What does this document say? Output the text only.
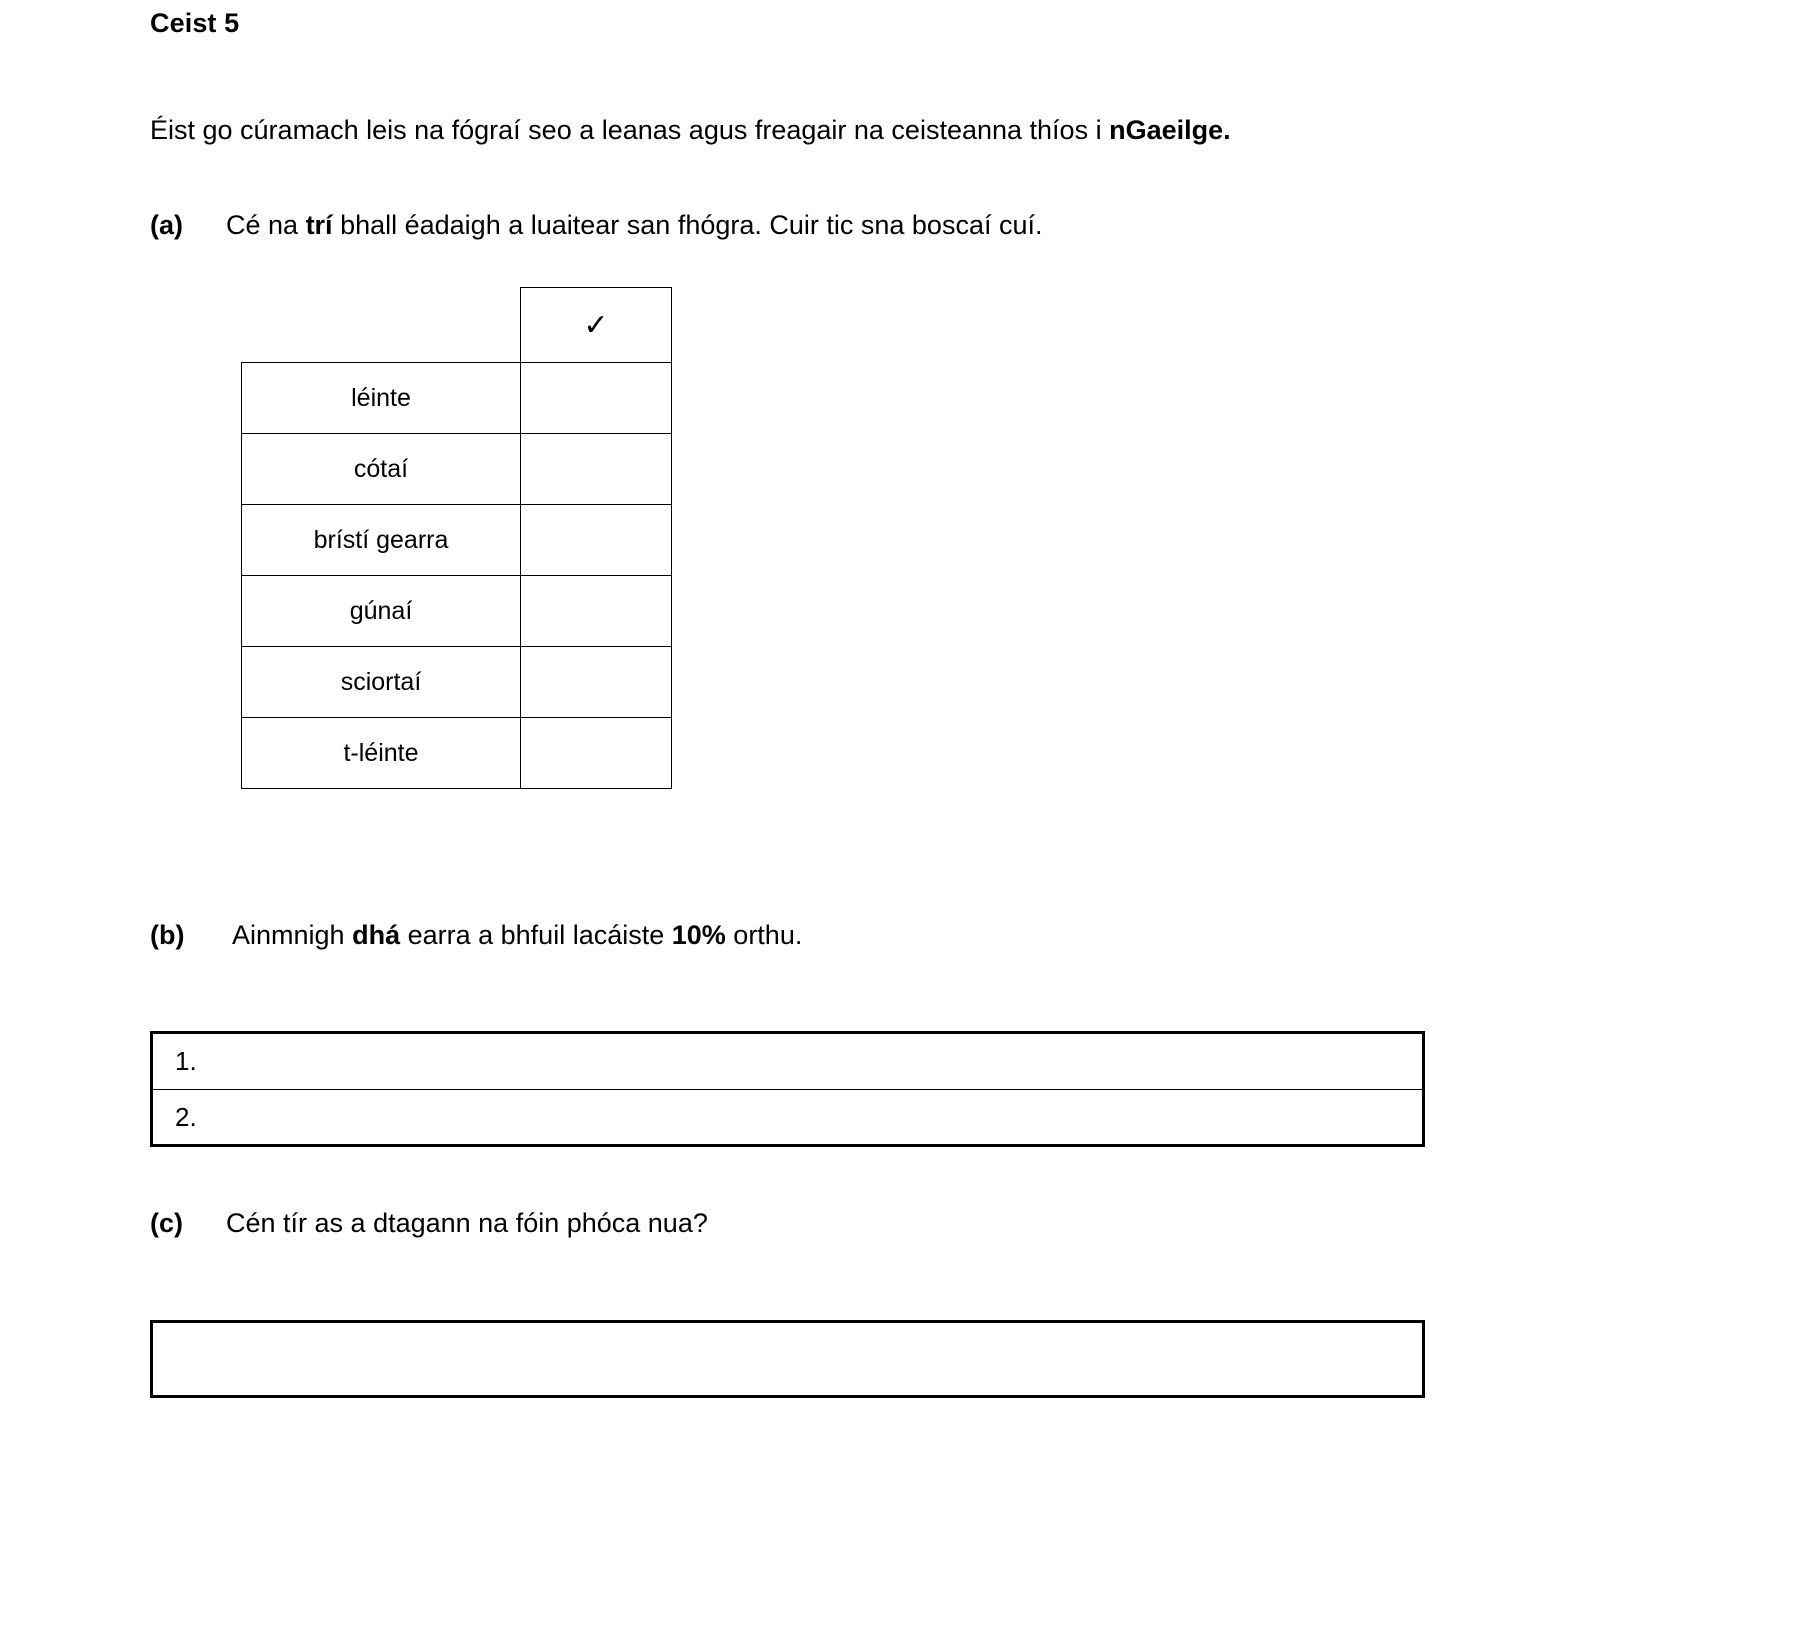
Ceist 5
Éist go cúramach leis na fógraí seo a leanas agus freagair na ceisteanna thíos i nGaeilge.
(a) Cé na trí bhall éadaigh a luaitear san fhógra. Cuir tic sna boscaí cuí.
	✓
léinte	
cótaí	
brístí gearra	
gúnaí	
sciortaí	
t-léinte	
(b) Ainmnigh dhá earra a bhfuil lacáiste 10% orthu.
1.
2.
(c) Cén tír as a dtagann na fóin phóca nua?
